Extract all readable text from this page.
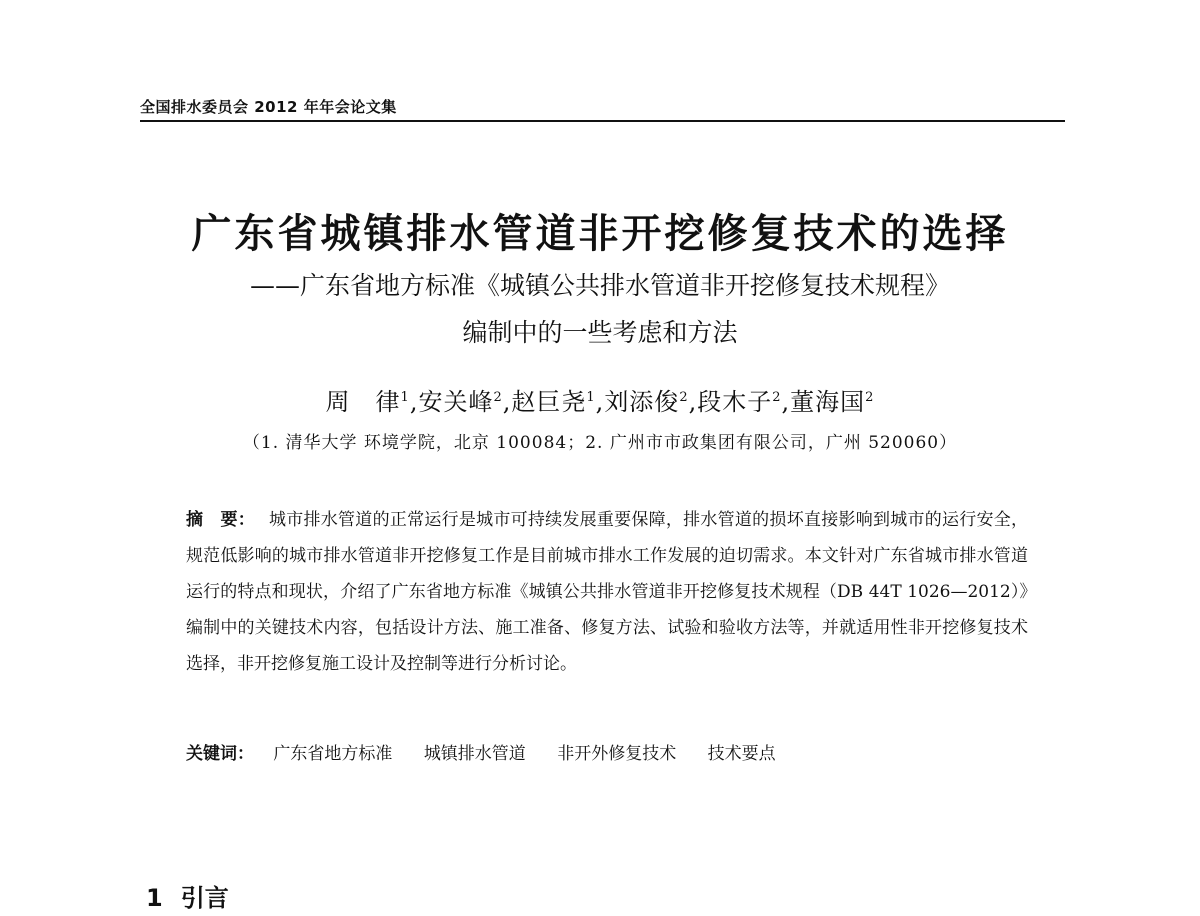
全国排水委员会 2012 年年会论文集
广东省城镇排水管道非开挖修复技术的选择
——广东省地方标准《城镇公共排水管道非开挖修复技术规程》
编制中的一些考虑和方法
周　律$^1$,安关峰$^2$,赵巨尧$^1$,刘添俊$^2$,段木子$^2$,董海国$^2$
（1. 清华大学 环境学院，北京 100084；2. 广州市市政集团有限公司，广州 520060）
摘　要： 城市排水管道的正常运行是城市可持续发展重要保障，排水管道的损坏直接影响到城市的运行安全，规范低影响的城市排水管道非开挖修复工作是目前城市排水工作发展的迫切需求。本文针对广东省城市排水管道运行的特点和现状，介绍了广东省地方标准《城镇公共排水管道非开挖修复技术规程（DB 44T 1026—2012）》编制中的关键技术内容，包括设计方法、施工准备、修复方法、试验和验收方法等，并就适用性非开挖修复技术选择，非开挖修复施工设计及控制等进行分析讨论。
关键词： 广东省地方标准 城镇排水管道 非开外修复技术 技术要点
1 引言
